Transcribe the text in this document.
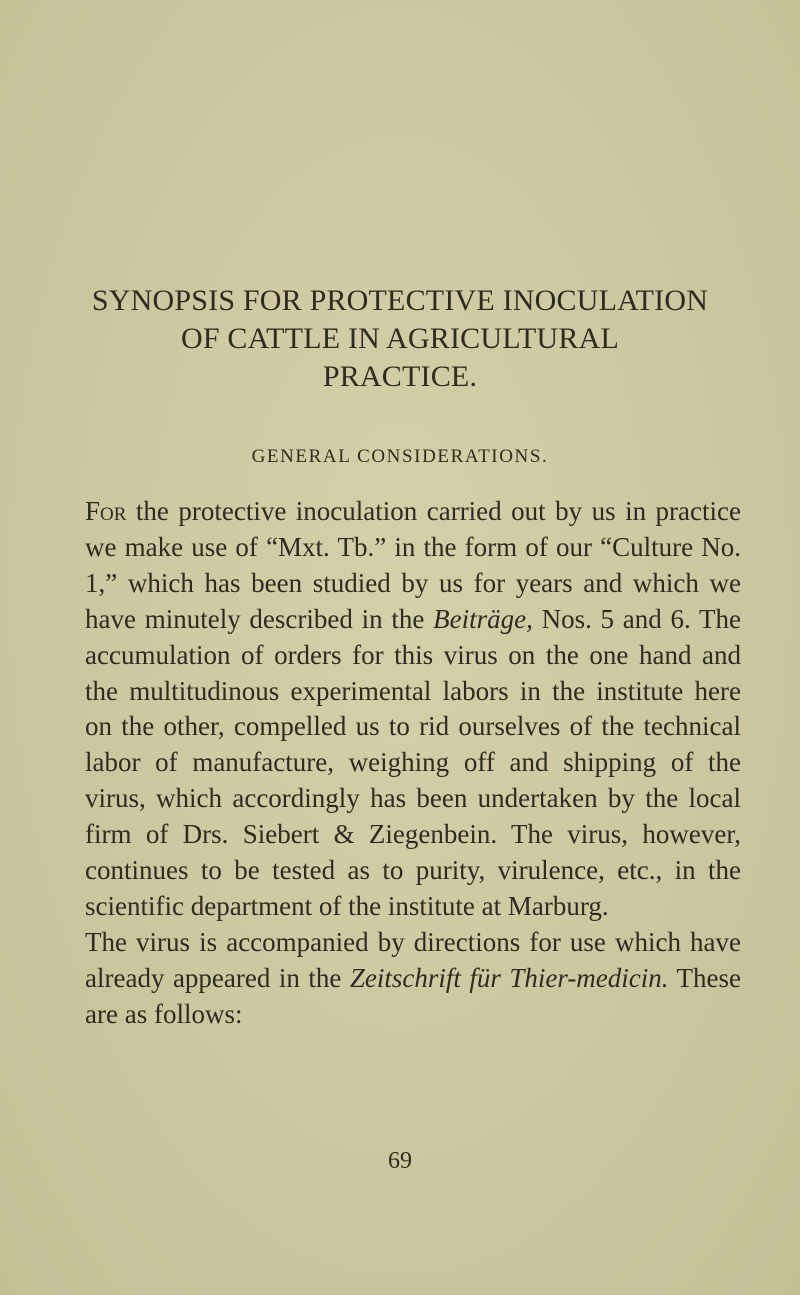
SYNOPSIS FOR PROTECTIVE INOCULATION
OF CATTLE IN AGRICULTURAL
PRACTICE.
GENERAL CONSIDERATIONS.

For the protective inoculation carried out by us in practice we make use of “Mxt. Tb.” in the form of our “Culture No. 1,” which has been studied by us for years and which we have minutely described in the Beiträge, Nos. 5 and 6. The accumulation of orders for this virus on the one hand and the multitudinous experimental labors in the institute here on the other, compelled us to rid ourselves of the technical labor of manufacture, weighing off and shipping of the virus, which accordingly has been undertaken by the local firm of Drs. Siebert & Ziegenbein. The virus, however, continues to be tested as to purity, virulence, etc., in the scientific department of the institute at Marburg.

The virus is accompanied by directions for use which have already appeared in the Zeitschrift für Thier-medicin. These are as follows:

69
